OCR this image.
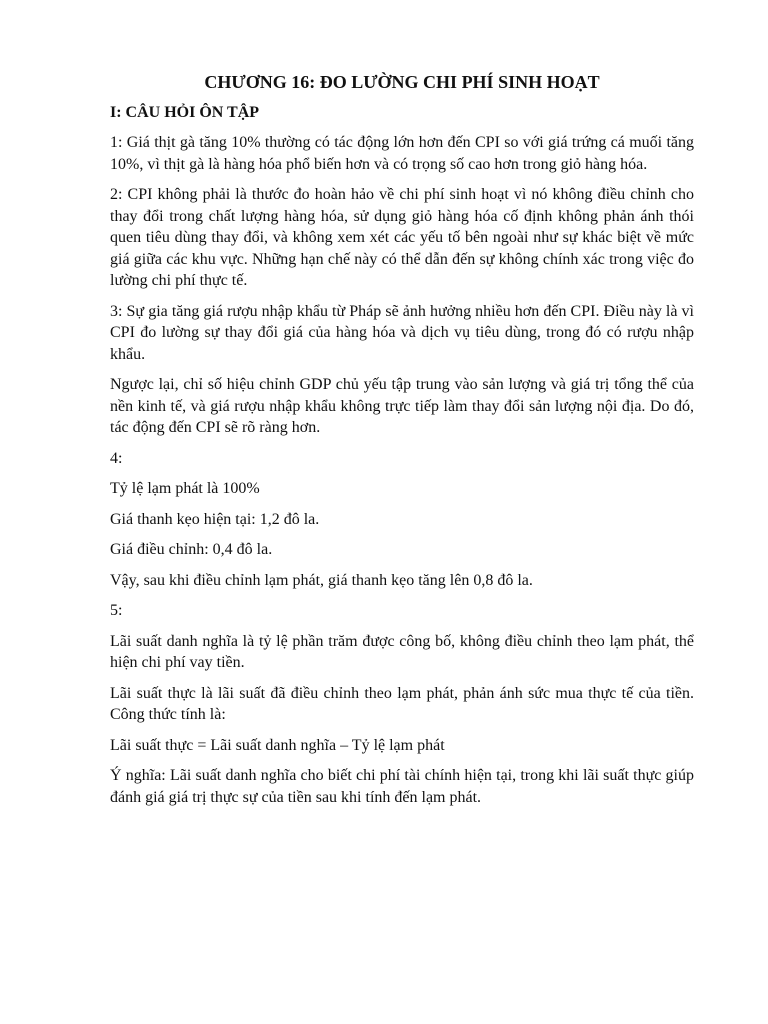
CHƯƠNG 16: ĐO LƯỜNG CHI PHÍ SINH HOẠT
I: CÂU HỎI ÔN TẬP

1: Giá thịt gà tăng 10% thường có tác động lớn hơn đến CPI so với giá trứng cá muối tăng 10%, vì thịt gà là hàng hóa phổ biến hơn và có trọng số cao hơn trong giỏ hàng hóa.

2: CPI không phải là thước đo hoàn hảo về chi phí sinh hoạt vì nó không điều chỉnh cho thay đổi trong chất lượng hàng hóa, sử dụng giỏ hàng hóa cố định không phản ánh thói quen tiêu dùng thay đổi, và không xem xét các yếu tố bên ngoài như sự khác biệt về mức giá giữa các khu vực. Những hạn chế này có thể dẫn đến sự không chính xác trong việc đo lường chi phí thực tế.

3: Sự gia tăng giá rượu nhập khẩu từ Pháp sẽ ảnh hưởng nhiều hơn đến CPI. Điều này là vì CPI đo lường sự thay đổi giá của hàng hóa và dịch vụ tiêu dùng, trong đó có rượu nhập khẩu.

Ngược lại, chỉ số hiệu chỉnh GDP chủ yếu tập trung vào sản lượng và giá trị tổng thể của nền kinh tế, và giá rượu nhập khẩu không trực tiếp làm thay đổi sản lượng nội địa. Do đó, tác động đến CPI sẽ rõ ràng hơn.

4:

Tỷ lệ lạm phát là 100%

Giá thanh kẹo hiện tại: 1,2 đô la.

Giá điều chỉnh: 0,4 đô la.

Vậy, sau khi điều chỉnh lạm phát, giá thanh kẹo tăng lên 0,8 đô la.

5:

Lãi suất danh nghĩa là tỷ lệ phần trăm được công bố, không điều chỉnh theo lạm phát, thể hiện chi phí vay tiền.

Lãi suất thực là lãi suất đã điều chỉnh theo lạm phát, phản ánh sức mua thực tế của tiền. Công thức tính là:

Lãi suất thực = Lãi suất danh nghĩa – Tỷ lệ lạm phát

Ý nghĩa: Lãi suất danh nghĩa cho biết chi phí tài chính hiện tại, trong khi lãi suất thực giúp đánh giá giá trị thực sự của tiền sau khi tính đến lạm phát.
